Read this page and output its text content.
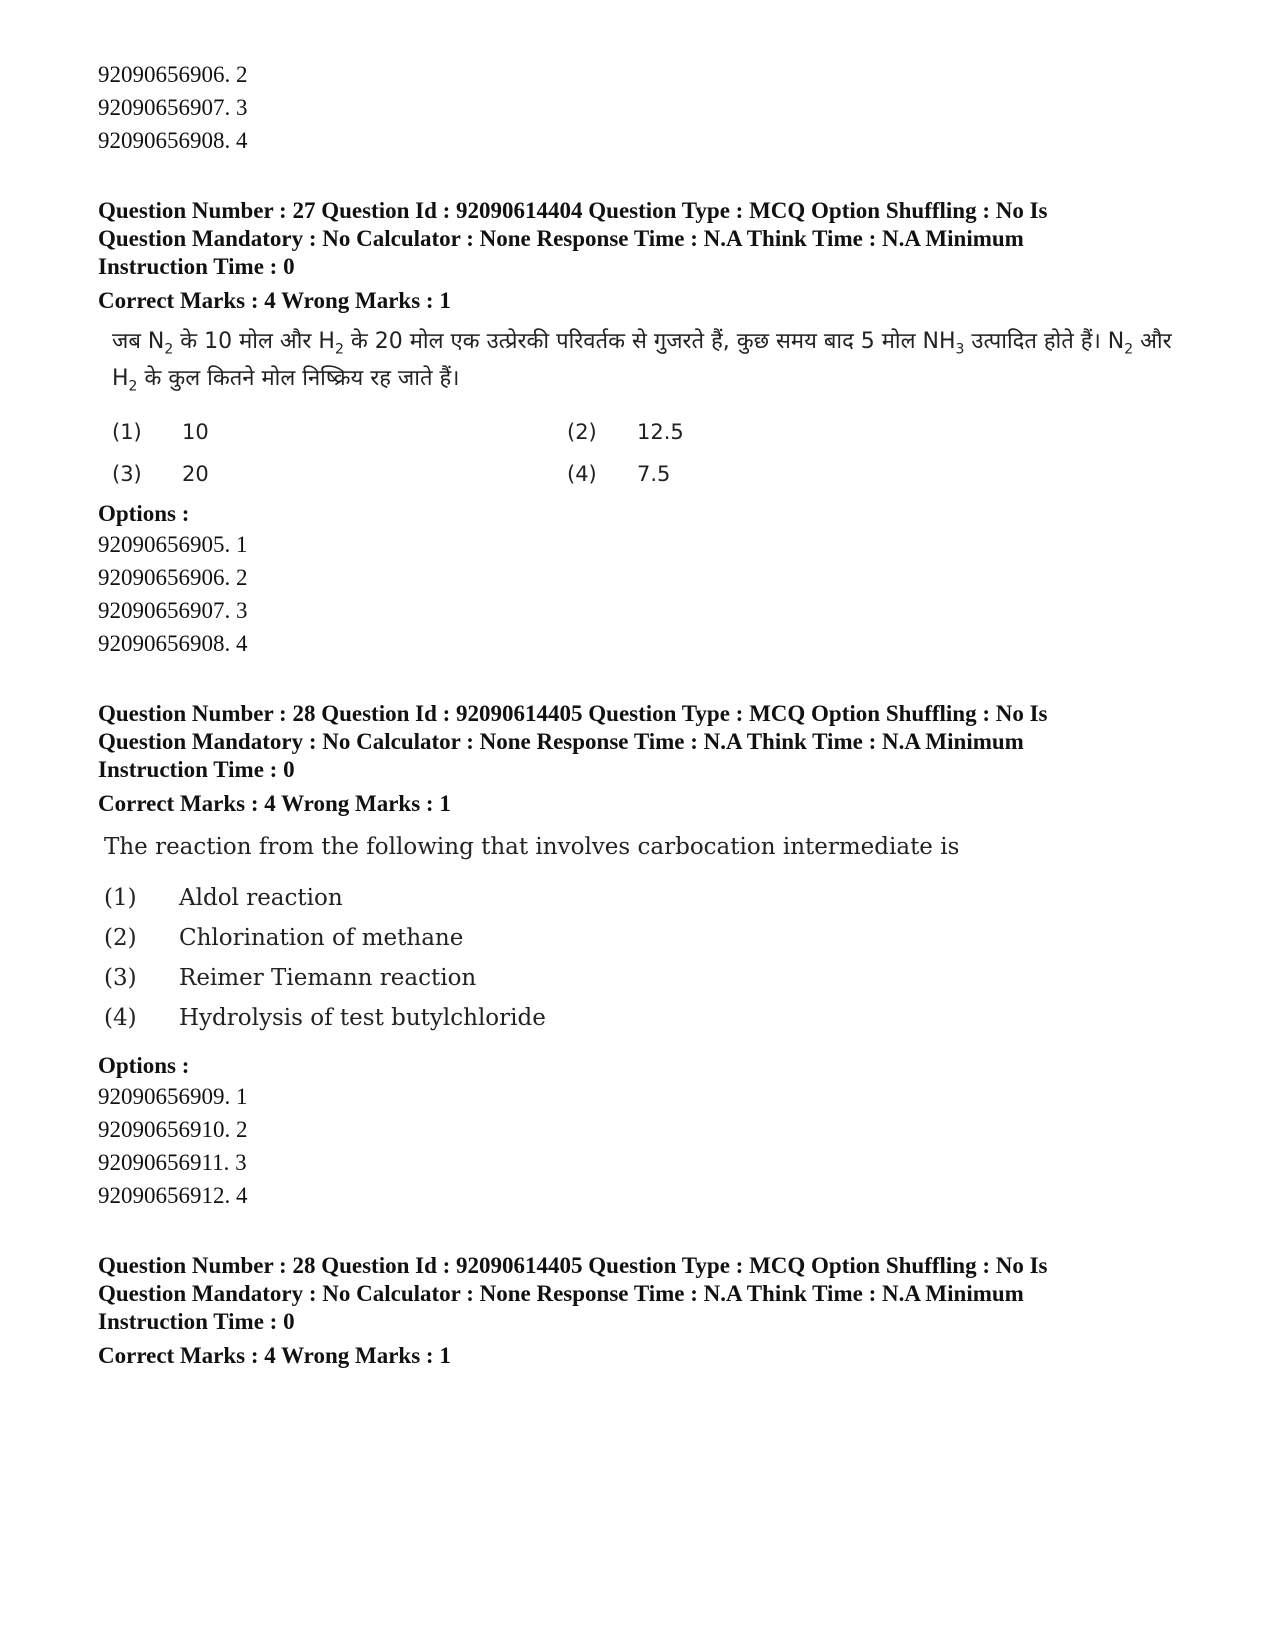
92090656906. 2

92090656907. 3

92090656908. 4

Question Number : 27 Question Id : 92090614404 Question Type : MCQ Option Shuffling : No Is

Question Mandatory : No Calculator : None Response Time : N.A Think Time : N.A Minimum

Instruction Time : 0

Correct Marks : 4 Wrong Marks : 1

जब $N_2$ के 10 मोल और $H_2$ के 20 मोल एक उत्प्रेरकी परिवर्तक से गुजरते हैं, कुछ समय बाद 5 मोल $NH_3$ उत्पादित होते हैं। $N_2$ और $H_2$ के कुल कितने मोल निष्क्रिय रह जाते हैं।

(1)	10	(2)	12.5
(3)	20	(4)	7.5

Options :

92090656905. 1

92090656906. 2

92090656907. 3

92090656908. 4

Question Number : 28 Question Id : 92090614405 Question Type : MCQ Option Shuffling : No Is

Question Mandatory : No Calculator : None Response Time : N.A Think Time : N.A Minimum

Instruction Time : 0

Correct Marks : 4 Wrong Marks : 1

The reaction from the following that involves carbocation intermediate is

(1)	Aldol reaction
(2)	Chlorination of methane
(3)	Reimer Tiemann reaction
(4)	Hydrolysis of test butylchloride

Options :

92090656909. 1

92090656910. 2

92090656911. 3

92090656912. 4

Question Number : 28 Question Id : 92090614405 Question Type : MCQ Option Shuffling : No Is

Question Mandatory : No Calculator : None Response Time : N.A Think Time : N.A Minimum

Instruction Time : 0

Correct Marks : 4 Wrong Marks : 1
